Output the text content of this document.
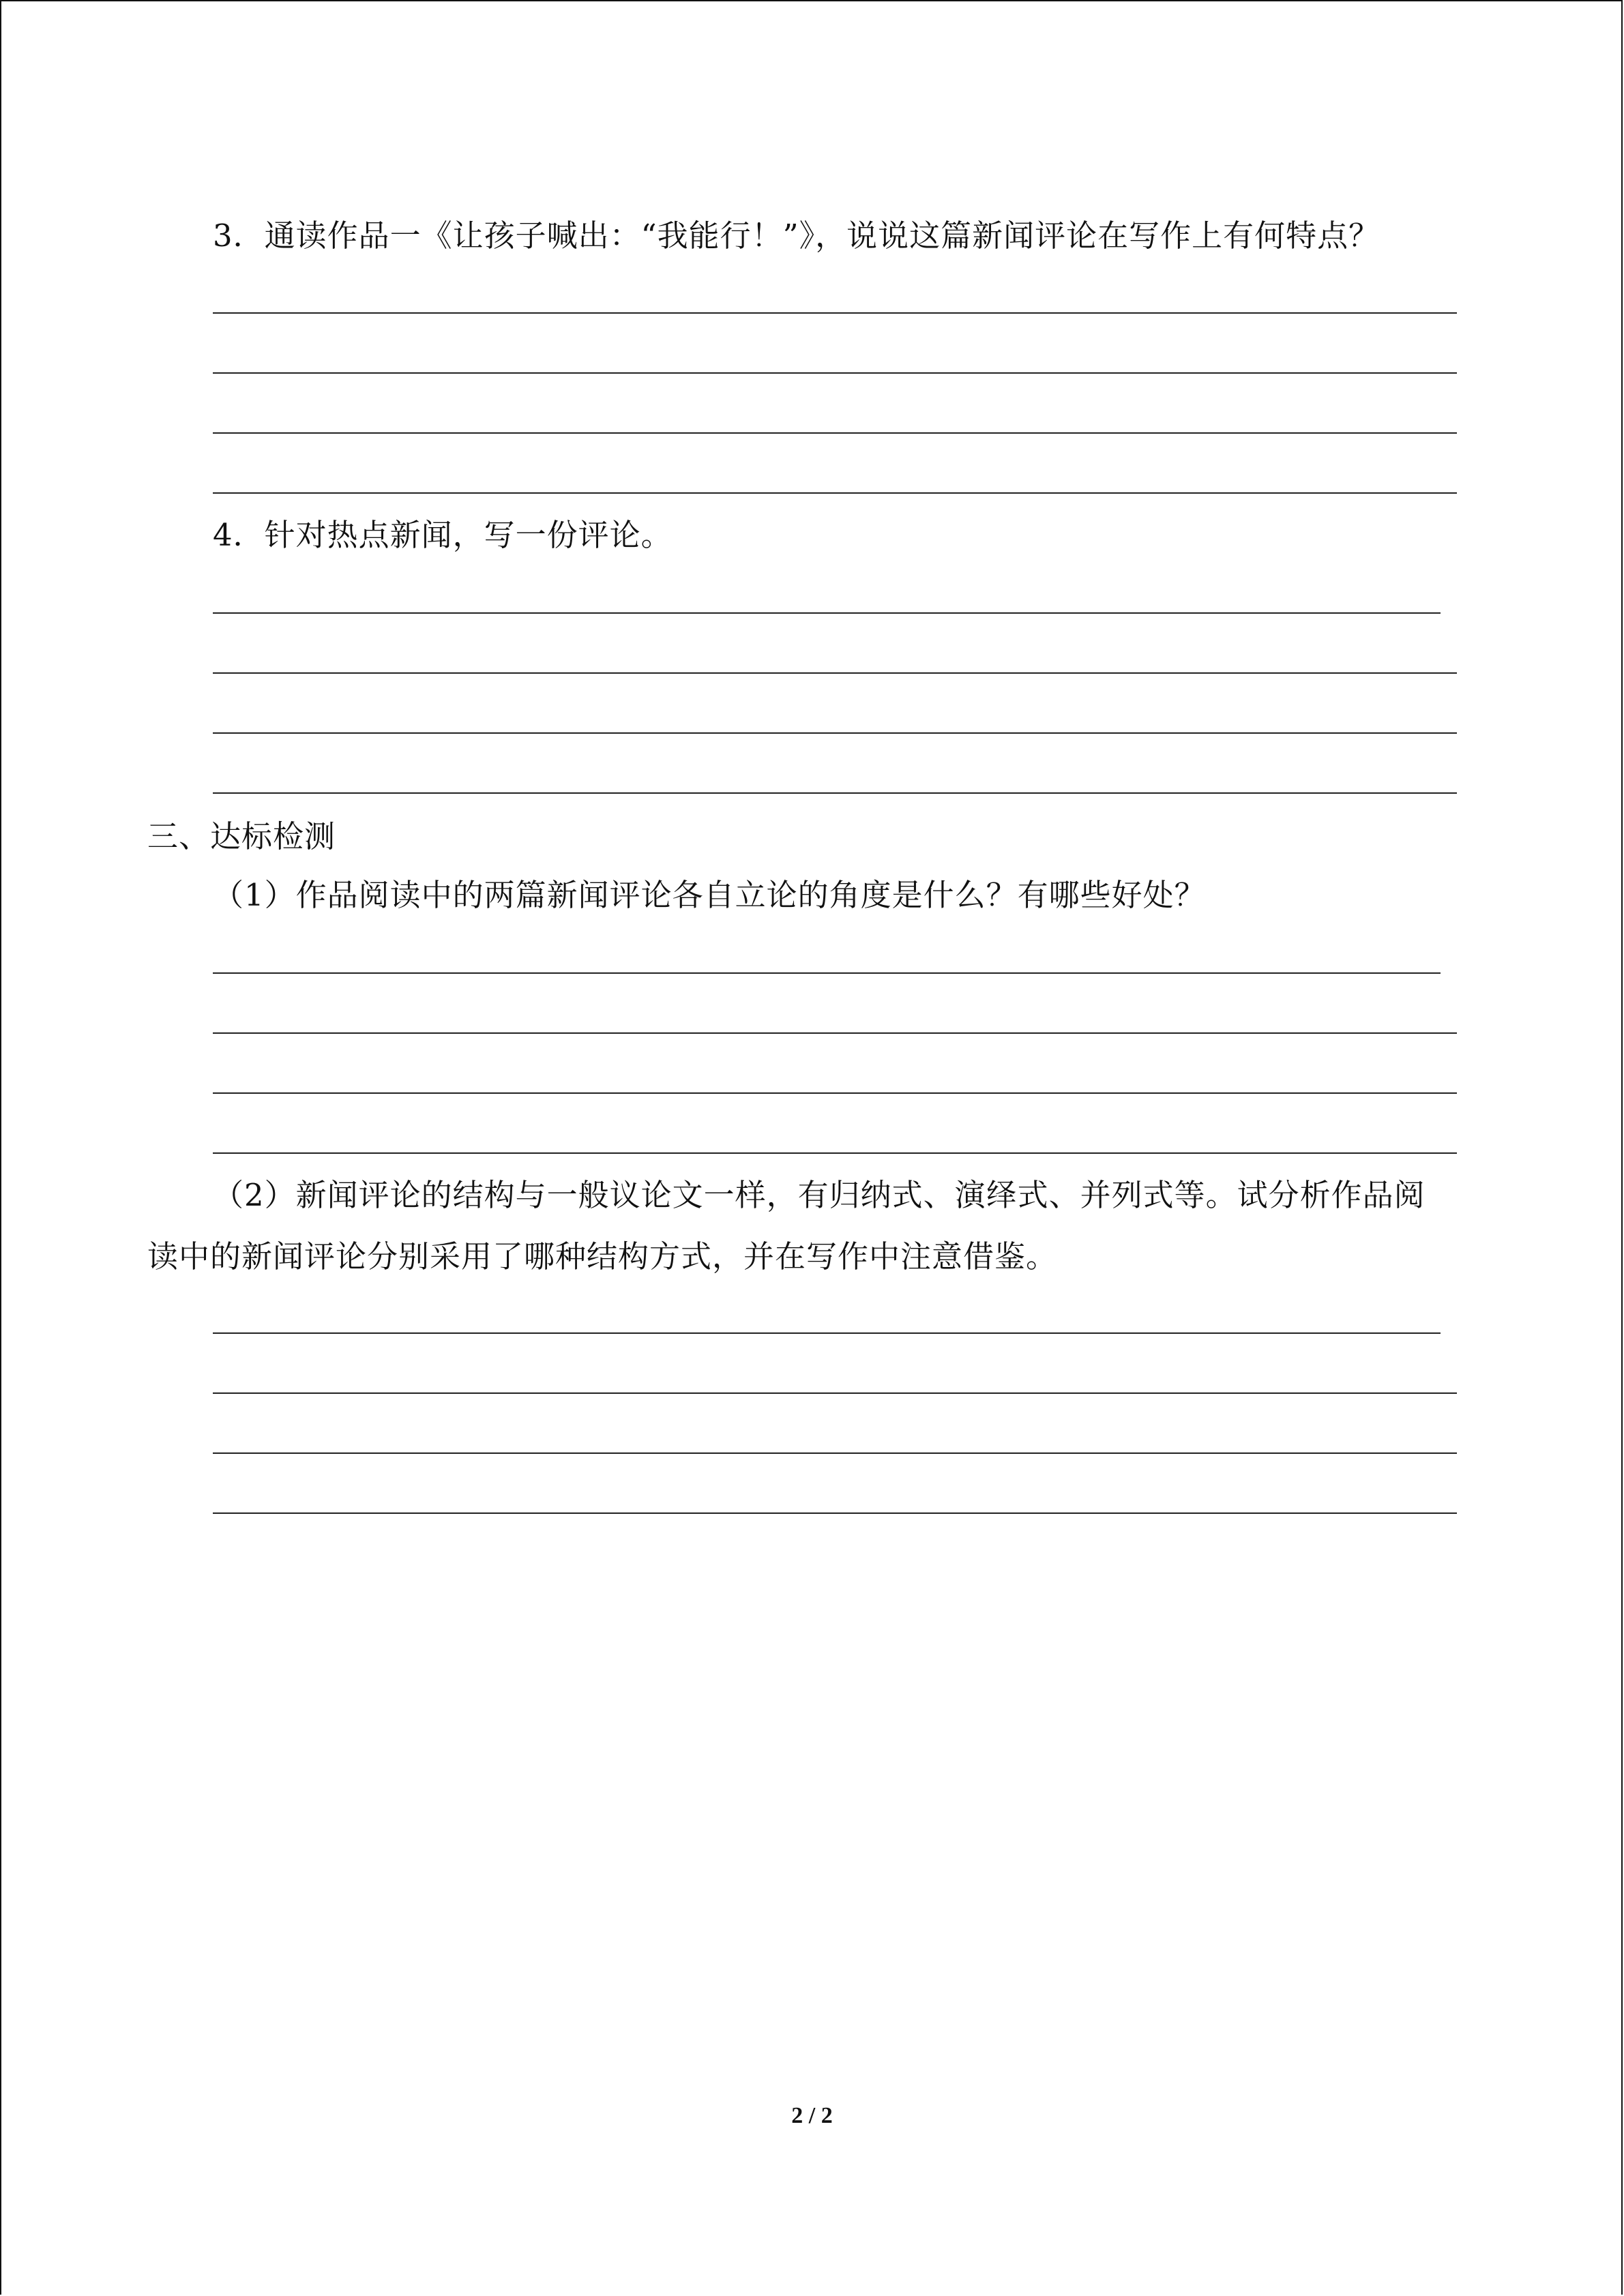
3．通读作品一《让孩子喊出：“我能行！”》，说说这篇新闻评论在写作上有何特点？
4．针对热点新闻，写一份评论。
三、达标检测
（1）作品阅读中的两篇新闻评论各自立论的角度是什么？有哪些好处？
（2）新闻评论的结构与一般议论文一样，有归纳式、演绎式、并列式等。试分析作品阅
读中的新闻评论分别采用了哪种结构方式，并在写作中注意借鉴。
2 / 2
